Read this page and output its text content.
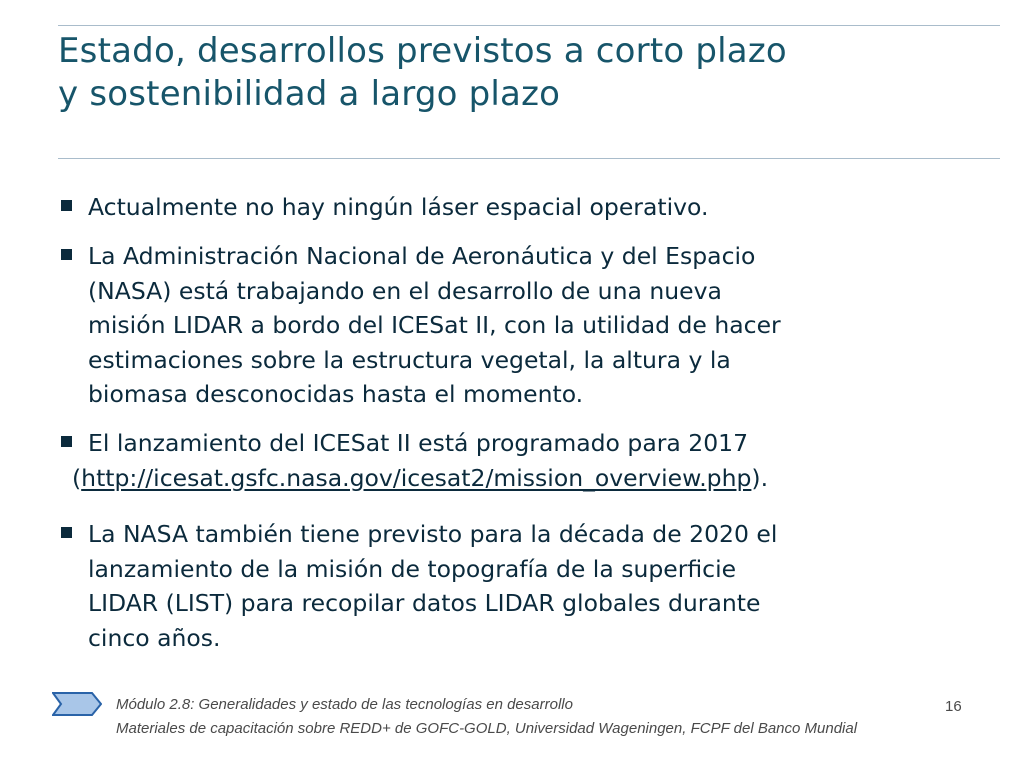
Estado, desarrollos previstos a corto plazo
y sostenibilidad a largo plazo
Actualmente no hay ningún láser espacial operativo.
La Administración Nacional de Aeronáutica y del Espacio
(NASA) está trabajando en el desarrollo de una nueva
misión LIDAR a bordo del ICESat II, con la utilidad de hacer
estimaciones sobre la estructura vegetal, la altura y la
biomasa desconocidas hasta el momento.
El lanzamiento del ICESat II está programado para 2017
(http://icesat.gsfc.nasa.gov/icesat2/mission_overview.php).
La NASA también tiene previsto para la década de 2020 el
lanzamiento de la misión de topografía de la superficie
LIDAR (LIST) para recopilar datos LIDAR globales durante
cinco años.
Módulo 2.8: Generalidades y estado de las tecnologías en desarrollo
Materiales de capacitación sobre REDD+ de GOFC-GOLD, Universidad Wageningen, FCPF del Banco Mundial
16
